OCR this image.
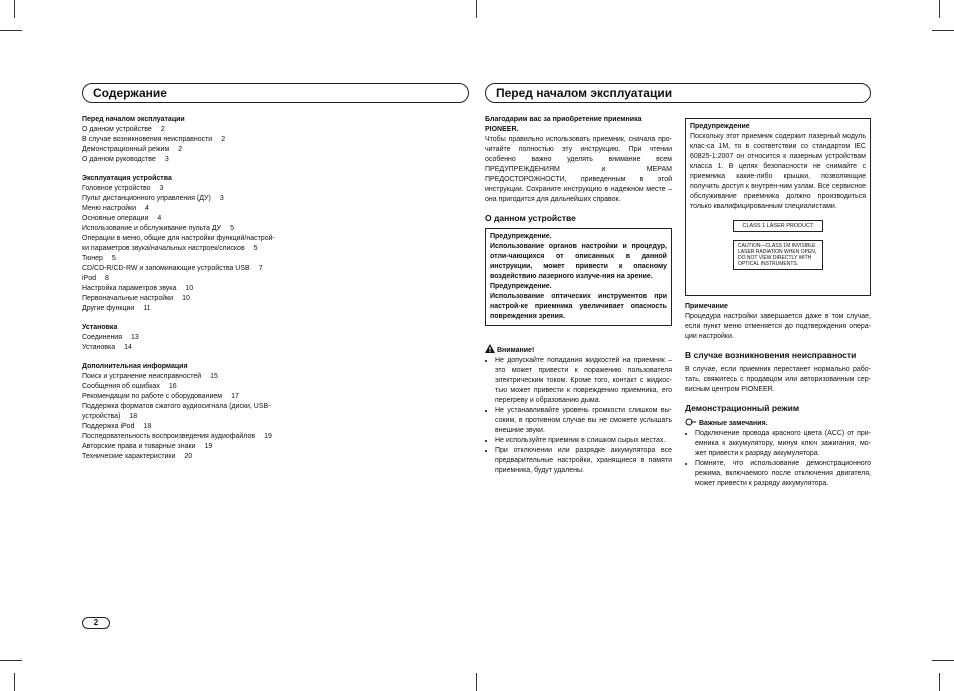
Содержание	Перед началом эксплуатации
Перед началом эксплуатации
О данном устройстве 2
В случае возникновения неисправности 2
Демонстрационный режим 2
О данном руководстве 3
Эксплуатация устройства
Головное устройство 3
Пульт дистанционного управления (ДУ) 3
Меню настройки 4
Основные операции 4
Использование и обслуживание пульта ДУ 5
Операции в меню, общие для настройки функций/настрой-ки параметров звука/начальных настроек/списков 5
Тюнер 5
CD/CD-R/CD-RW и запоминающие устройства USB 7
iPod 8
Настройка параметров звука 10
Первоначальные настройки 10
Другие функции 11
Установка
Соединения 13
Установка 14
Дополнительная информация
Поиск и устранение неисправностей 15
Сообщения об ошибках 16
Рекомендации по работе с оборудованием 17
Поддержка форматов сжатого аудиосигнала (диски, USB-устройства) 18
Поддержка iPod 18
Последовательность воспроизведения аудиофайлов 19
Авторские права и товарные знаки 19
Технические характеристики 20

Благодарим вас за приобретение приемника PIONEER.

Чтобы правильно использовать приемник, сначала про-читайте полностью эту инструкцию. При чтении особенно важно уделять внимание всем ПРЕДУПРЕЖДЕНИЯМ и МЕРАМ ПРЕДОСТОРОЖНОСТИ, приведенным в этой инструкции. Сохраните инструкцию в надежном месте – она пригодится для дальнейших справок.

О данном устройстве

Предупреждение.

Использование органов настройки и процедур, отли-чающихся от описанных в данной инструкции, может привести к опасному воздействию лазерного излуче-ния на зрение.

Предупреждение.

Использование оптических инструментов при настрой-ке приемника увеличивает опасность повреждения зрения.

Внимание!

• Не допускайте попадания жидкостей на приемник – это может привести к поражению пользователя электрическим током. Кроме того, контакт с жидкос-тью может привести к повреждению приемника, его перегреву и образованию дыма.
• Не устанавливайте уровень громкости слишком вы-соким, в противном случае вы не сможете услышать внешние звуки.
• Не используйте приемник в слишком сырых местах.
• При отключении или разрядке аккумулятора все предварительные настройки, хранящиеся в памяти приемника, будут удалены.

Предупреждение

Поскольку этот приемник содержит лазерный модуль клас-са 1М, то в соответствии со стандартом IEC 60825-1:2007 он относится к лазерным устройствам класса 1. В целях безопасности не снимайте с приемника какие-либо крышки, позволяющие получить доступ к внутрен-ним узлам. Все сервисное обслуживание приемника должно производиться только квалифицированным специалистами.

CLASS 1 LASER PRODUCT
CAUTION—CLASS 1M INVISIBLE LASER RADIATION WHEN OPEN, DO NOT VIEW DIRECTLY WITH OPTICAL INSTRUMENTS.

Примечание

Процедура настройки завершается даже в том случае, если пункт меню отменяется до подтверждения опера-ции настройки.

В случае возникновения неисправности

В случае, если приемник перестанет нормально рабо-тать, свяжитесь с продавцом или авторизованным сер-висным центром PIONEER.

Демонстрационный режим

Важные замечания.

• Подключение провода красного цвета (ACC) от при-емника к аккумулятору, минуя ключ зажигания, мо-жет привести к разряду аккумулятора.
• Помните, что использование демонстрационного режима, включаемого после отключения двигателя, может привести к разряду аккумулятора.
2
